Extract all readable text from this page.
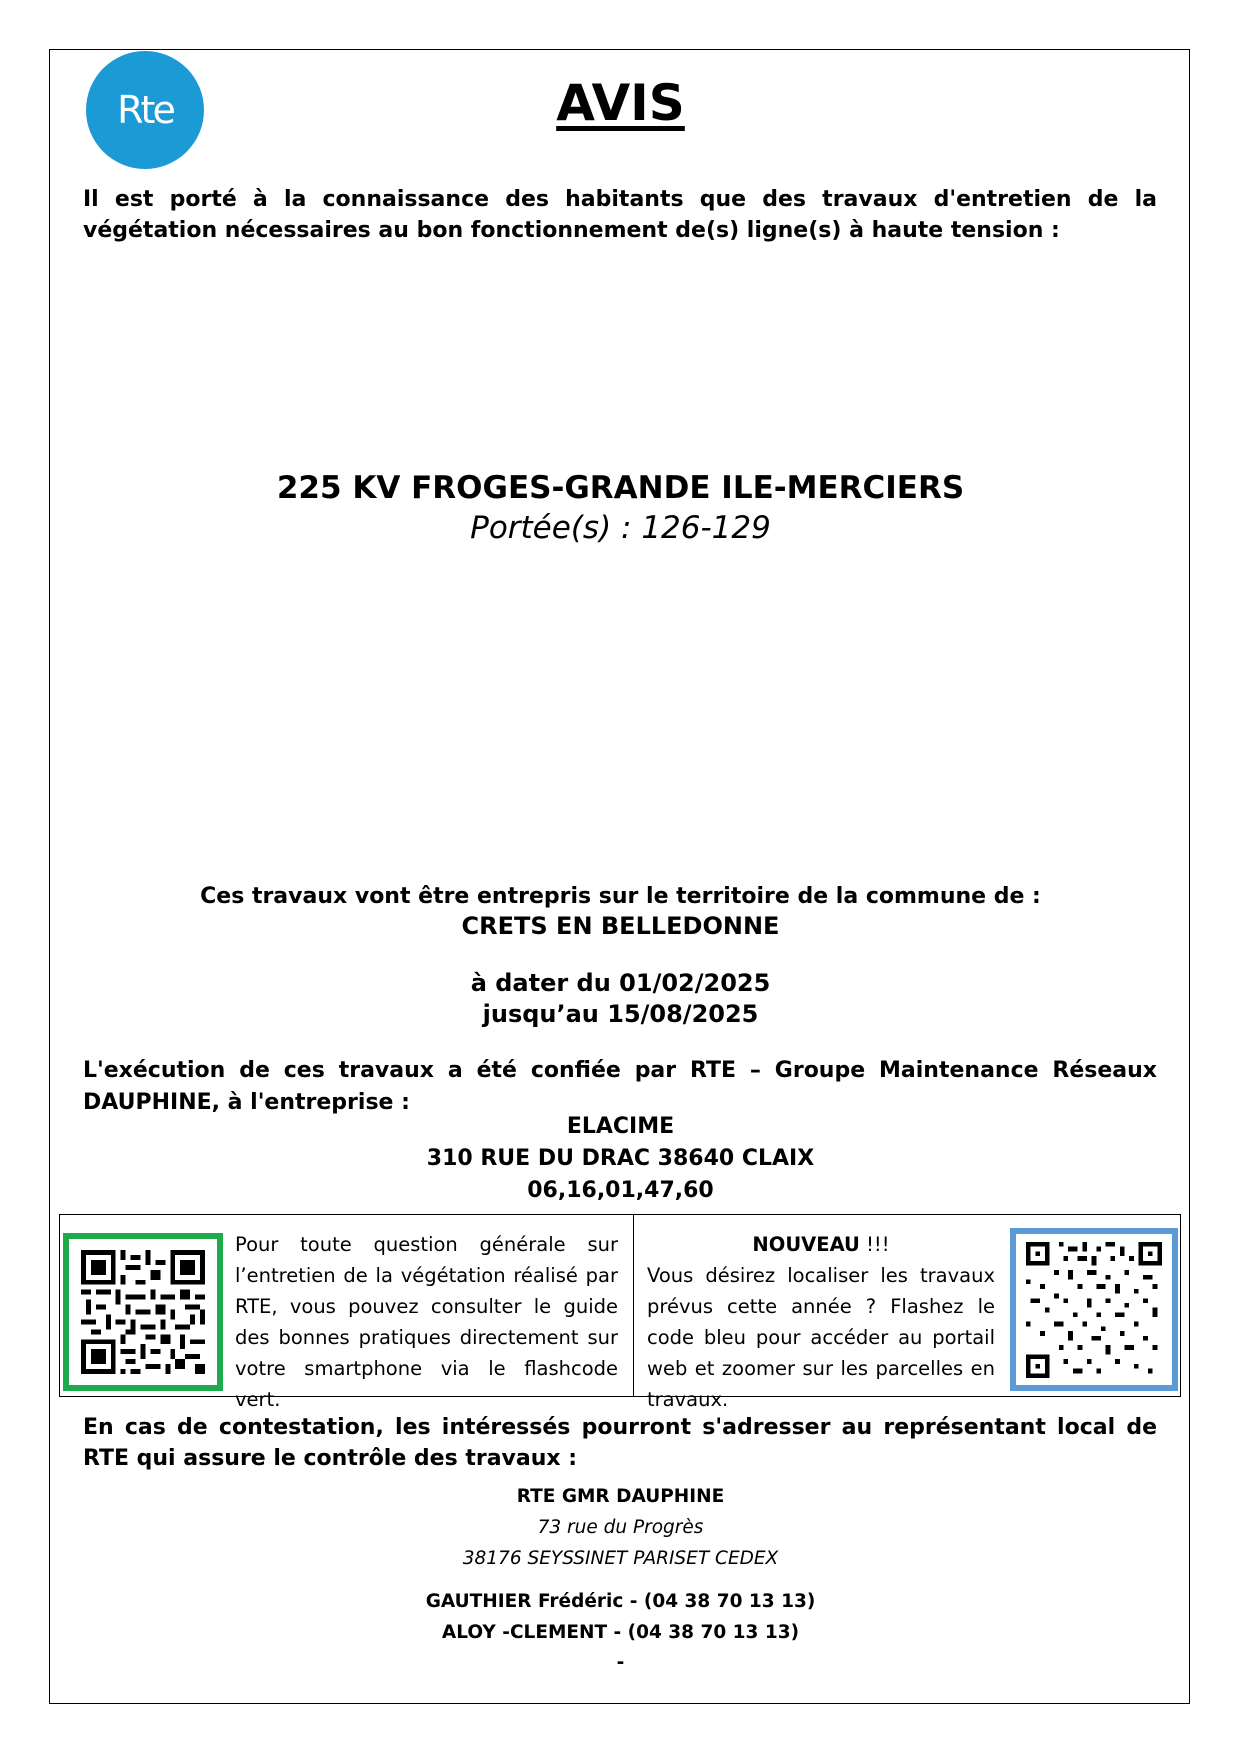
Rte	AVIS
Il est porté à la connaissance des habitants que des travaux d'entretien de la végétation nécessaires au bon fonctionnement de(s) ligne(s) à haute tension :
225 KV FROGES-GRANDE ILE-MERCIERS
Portée(s) : 126-129
Ces travaux vont être entrepris sur le territoire de la commune de :
CRETS EN BELLEDONNE
à dater du 01/02/2025
jusqu’au 15/08/2025
L'exécution de ces travaux a été confiée par RTE – Groupe Maintenance Réseaux DAUPHINE, à l'entreprise :
ELACIME
310 RUE DU DRAC 38640 CLAIX
06,16,01,47,60
Pour toute question générale sur l’entretien de la végétation réalisé par RTE, vous pouvez consulter le guide des bonnes pratiques directement sur votre smartphone via le flashcode vert.
NOUVEAU !!!
Vous désirez localiser les travaux prévus cette année ? Flashez le code bleu pour accéder au portail web et zoomer sur les parcelles en travaux.
En cas de contestation, les intéressés pourront s'adresser au représentant local de RTE qui assure le contrôle des travaux :
RTE GMR DAUPHINE
73 rue du Progrès
38176 SEYSSINET PARISET CEDEX
GAUTHIER Frédéric - (04 38 70 13 13)
ALOY -CLEMENT - (04 38 70 13 13)
-
